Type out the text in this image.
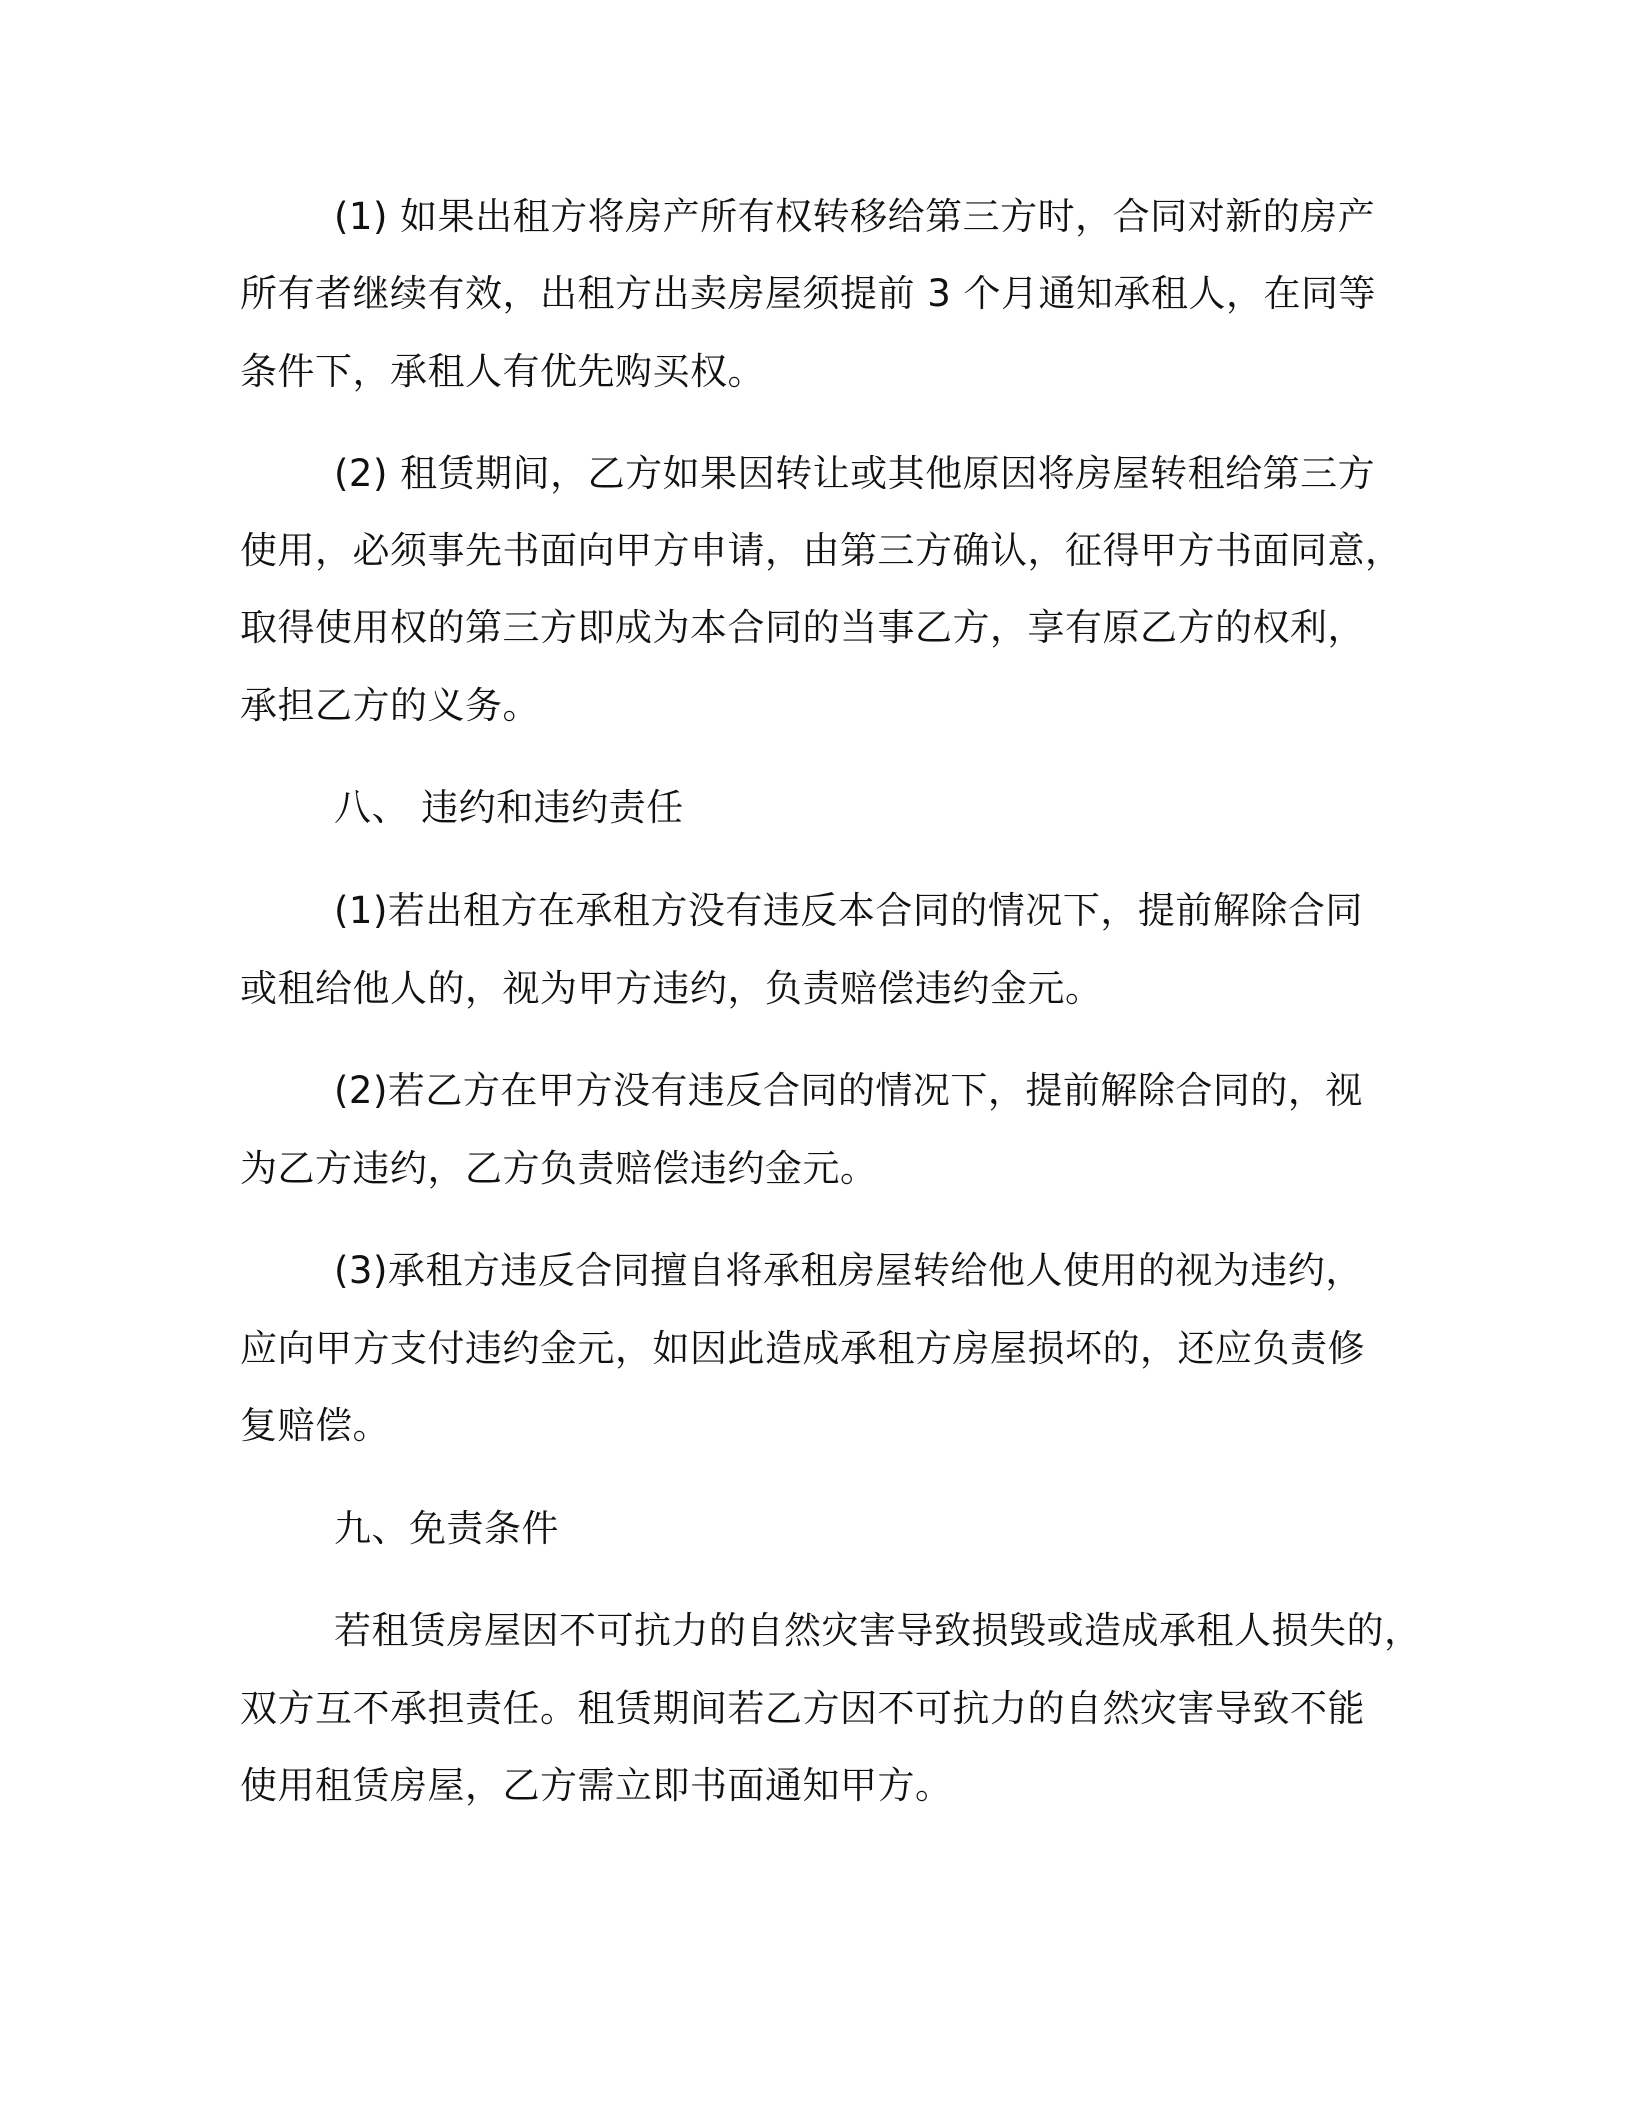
(1) 如果出租方将房产所有权转移给第三方时，合同对新的房产
所有者继续有效，出租方出卖房屋须提前 3 个月通知承租人，在同等
条件下，承租人有优先购买权。
(2) 租赁期间，乙方如果因转让或其他原因将房屋转租给第三方
使用，必须事先书面向甲方申请，由第三方确认，征得甲方书面同意，
取得使用权的第三方即成为本合同的当事乙方，享有原乙方的权利，
承担乙方的义务。
八、 违约和违约责任
(1)若出租方在承租方没有违反本合同的情况下，提前解除合同
或租给他人的，视为甲方违约，负责赔偿违约金元。
(2)若乙方在甲方没有违反合同的情况下，提前解除合同的，视
为乙方违约，乙方负责赔偿违约金元。
(3)承租方违反合同擅自将承租房屋转给他人使用的视为违约，
应向甲方支付违约金元，如因此造成承租方房屋损坏的，还应负责修
复赔偿。
九、免责条件
若租赁房屋因不可抗力的自然灾害导致损毁或造成承租人损失的，
双方互不承担责任。租赁期间若乙方因不可抗力的自然灾害导致不能
使用租赁房屋，乙方需立即书面通知甲方。
